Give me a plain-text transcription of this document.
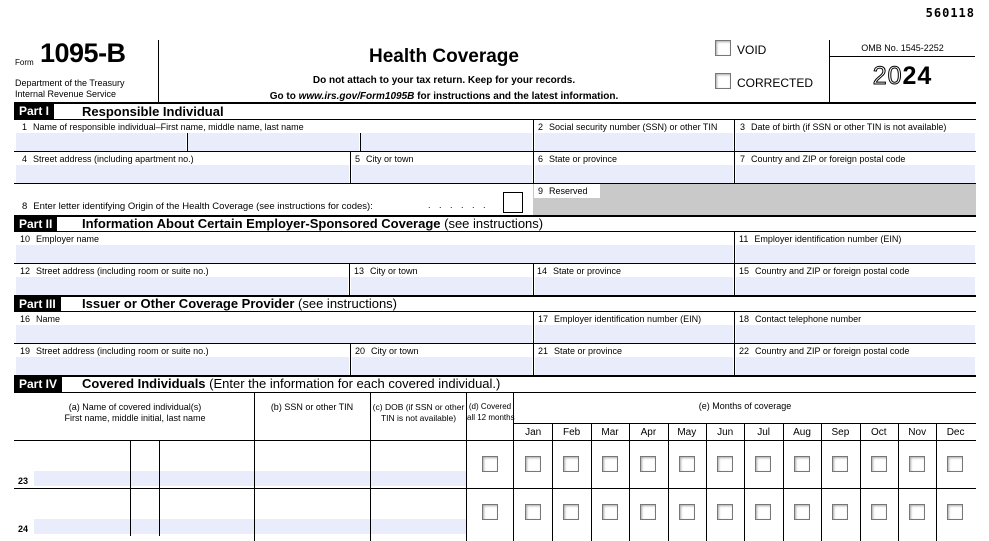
560118
Form 1095-B
Department of the Treasury
Internal Revenue Service
Health Coverage
Do not attach to your tax return. Keep for your records.
Go to www.irs.gov/Form1095B for instructions and the latest information.
VOID
CORRECTED
OMB No. 1545-2252
2024
Part I	Responsible Individual
1 Name of responsible individual–First name, middle name, last name	2 Social security number (SSN) or other TIN	3 Date of birth (if SSN or other TIN is not available)
4 Street address (including apartment no.)	5 City or town	6 State or province	7 Country and ZIP or foreign postal code
8 Enter letter identifying Origin of the Health Coverage (see instructions for codes):	. . . . . .
9 Reserved
Part II	Information About Certain Employer-Sponsored Coverage (see instructions)
10 Employer name	11 Employer identification number (EIN)
12 Street address (including room or suite no.)	13 City or town	14 State or province	15 Country and ZIP or foreign postal code
Part III	Issuer or Other Coverage Provider (see instructions)
16 Name	17 Employer identification number (EIN)	18 Contact telephone number
19 Street address (including room or suite no.)	20 City or town	21 State or province	22 Country and ZIP or foreign postal code
Part IV	Covered Individuals (Enter the information for each covered individual.)
(a) Name of covered individual(s)
First name, middle initial, last name
(b) SSN or other TIN	(c) DOB (if SSN or other
TIN is not available)
(d) Covered
all 12 months
(e) Months of coverage
Jan	Feb	Mar	Apr	May	Jun	Jul	Aug	Sep	Oct	Nov	Dec
23
24
